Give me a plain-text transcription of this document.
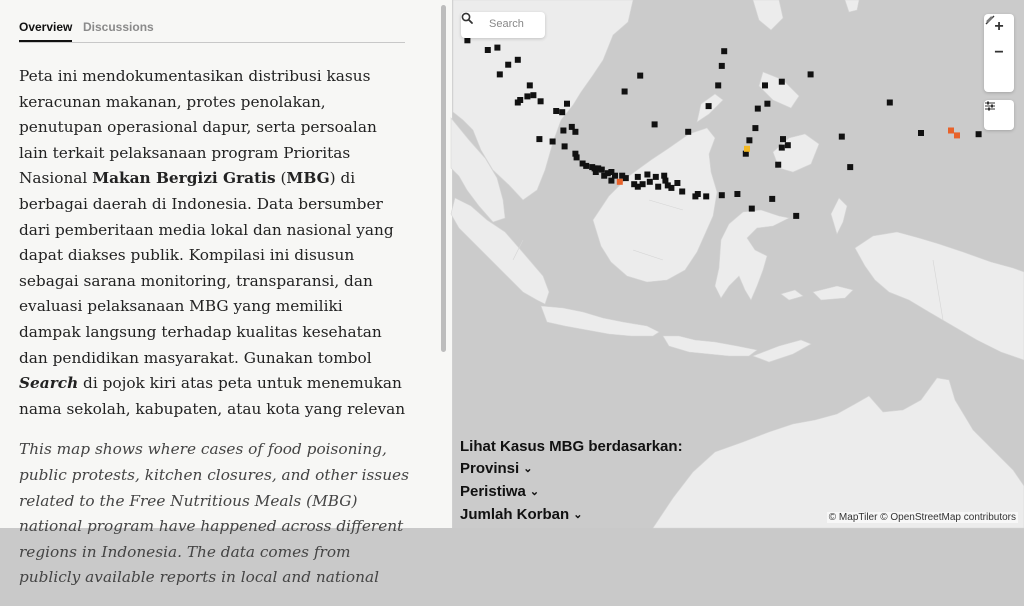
Overview Discussions

Peta ini mendokumentasikan distribusi kasus keracunan makanan, protes penolakan, penutupan operasional dapur, serta persoalan lain terkait pelaksanaan program Prioritas Nasional Makan Bergizi Gratis (MBG) di berbagai daerah di Indonesia. Data bersumber dari pemberitaan media lokal dan nasional yang dapat diakses publik. Kompilasi ini disusun sebagai sarana monitoring, transparansi, dan evaluasi pelaksanaan MBG yang memiliki dampak langsung terhadap kualitas kesehatan dan pendidikan masyarakat. Gunakan tombol Search di pojok kiri atas peta untuk menemukan nama sekolah, kabupaten, atau kota yang relevan

This map shows where cases of food poisoning, public protests, kitchen closures, and other issues related to the Free Nutritious Meals (MBG) national program have happened across different regions in Indonesia. The data comes from publicly available reports in local and national

Search	+
−
Lihat Kasus MBG berdasarkan:
Provinsi ⌄
Peristiwa ⌄
Jumlah Korban ⌄	© MapTiler © OpenStreetMap contributors
